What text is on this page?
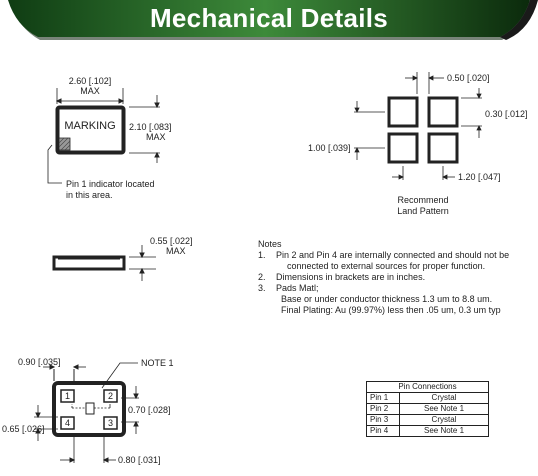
Mechanical Details
2.60 [.102]
MAX
MARKING	2.10 [.083]
MAX
Pin 1 indicator located
in this area.
0.50 [.020]
0.30 [.012]
1.00 [.039]
1.20 [.047]
Recommend
Land Pattern
0.55 [.022]
MAX
Notes
1. Pin 2 and Pin 4 are internally connected and should not be
connected to external sources for proper function.
2. Dimensions in brackets are in inches.
3. Pads Matl;
Base or under conductor thickness 1.3 um to 8.8 um.
Final Plating: Au (99.97%) less then .05 um, 0.3 um typ
0.90 [.035]	NOTE 1
0.70 [.028]
0.65 [.026]
0.80 [.031]
1	2
3
4
Pin Connections	
Pin 1	Crystal
Pin 2	See Note 1
Pin 3	Crystal
Pin 4	See Note 1
